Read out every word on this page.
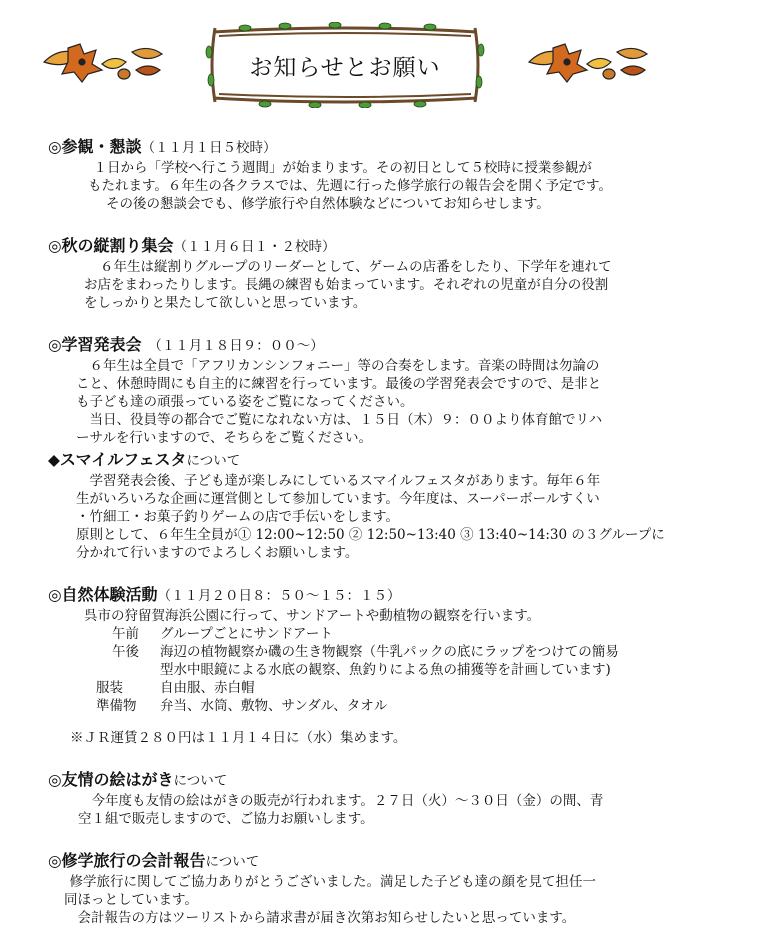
お知らせとお願い
◎参観・懇談（１１月１日５校時）
　１日から「学校へ行こう週間」が始まります。その初日として５校時に授業参観が
もたれます。６年生の各クラスでは、先週に行った修学旅行の報告会を開く予定です。
その後の懇談会でも、修学旅行や自然体験などについてお知らせします。
◎秋の縦割り集会（１１月６日１・２校時）
６年生は縦割りグループのリーダーとして、ゲームの店番をしたり、下学年を連れて
お店をまわったりします。長縄の練習も始まっています。それぞれの児童が自分の役割
をしっかりと果たして欲しいと思っています。
◎学習発表会　（１１月１８日９：００～）
　６年生は全員で「アフリカンシンフォニー」等の合奏をします。音楽の時間は勿論の
こと、休憩時間にも自主的に練習を行っています。最後の学習発表会ですので、是非と
も子ども達の頑張っている姿をご覧になってください。
　当日、役員等の都合でご覧になれない方は、１５日（木）９：００より体育館でリハ
ーサルを行いますので、そちらをご覧ください。
◆スマイルフェスタについて
　学習発表会後、子ども達が楽しみにしているスマイルフェスタがあります。毎年６年
生がいろいろな企画に運営側として参加しています。今年度は、スーパーボールすくい
・竹細工・お菓子釣りゲームの店で手伝いをします。
原則として、６年生全員が① 12:00~12:50 ② 12:50~13:40 ③ 13:40~14:30 の３グループに
分かれて行いますのでよろしくお願いします。
◎自然体験活動（１１月２０日８：５０～１５：１５）
呉市の狩留賀海浜公園に行って、サンドアートや動植物の観察を行います。
午前	グループごとにサンドアート
午後	海辺の植物観察か磯の生き物観察（牛乳パックの底にラップをつけての簡易
型水中眼鏡による水底の観察、魚釣りによる魚の捕獲等を計画しています)
服装	自由服、赤白帽
準備物	弁当、水筒、敷物、サンダル、タオル
※ＪＲ運賃２８０円は１１月１４日に（水）集めます。
◎友情の絵はがきについて
　今年度も友情の絵はがきの販売が行われます。２７日（火）～３０日（金）の間、青
空１組で販売しますので、ご協力お願いします。
◎修学旅行の会計報告について
　修学旅行に関してご協力ありがとうございました。満足した子ども達の顔を見て担任一
同ほっとしています。
　会計報告の方はツーリストから請求書が届き次第お知らせしたいと思っています。
